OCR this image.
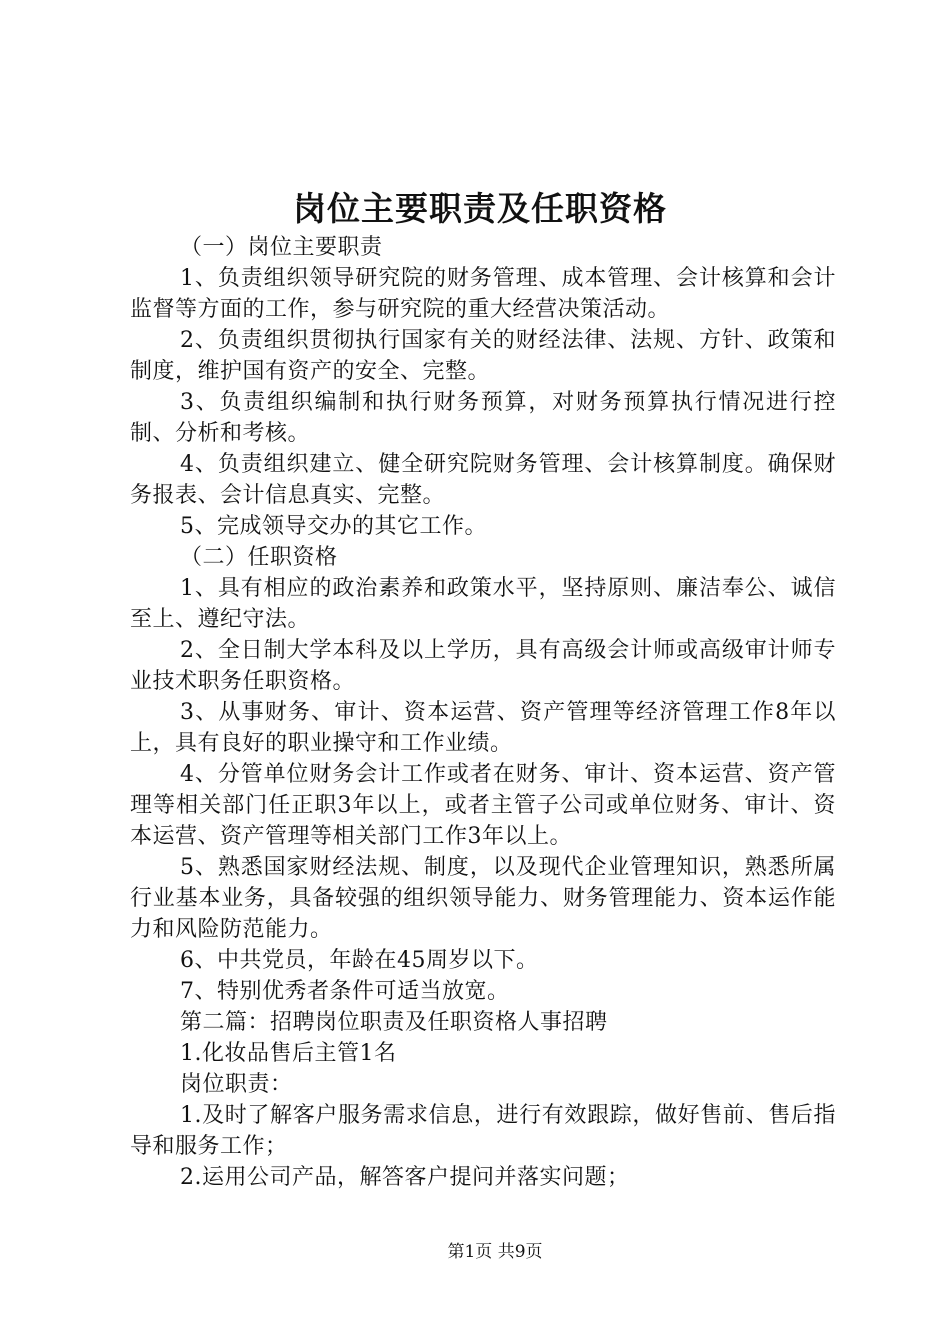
岗位主要职责及任职资格

（一）岗位主要职责

1、负责组织领导研究院的财务管理、成本管理、会计核算和会计监督等方面的工作，参与研究院的重大经营决策活动。

2、负责组织贯彻执行国家有关的财经法律、法规、方针、政策和制度，维护国有资产的安全、完整。

3、负责组织编制和执行财务预算，对财务预算执行情况进行控制、分析和考核。

4、负责组织建立、健全研究院财务管理、会计核算制度。确保财务报表、会计信息真实、完整。

5、完成领导交办的其它工作。

（二）任职资格

1、具有相应的政治素养和政策水平，坚持原则、廉洁奉公、诚信至上、遵纪守法。

2、全日制大学本科及以上学历，具有高级会计师或高级审计师专业技术职务任职资格。

3、从事财务、审计、资本运营、资产管理等经济管理工作8年以上，具有良好的职业操守和工作业绩。

4、分管单位财务会计工作或者在财务、审计、资本运营、资产管理等相关部门任正职3年以上，或者主管子公司或单位财务、审计、资本运营、资产管理等相关部门工作3年以上。

5、熟悉国家财经法规、制度，以及现代企业管理知识，熟悉所属行业基本业务，具备较强的组织领导能力、财务管理能力、资本运作能力和风险防范能力。

6、中共党员，年龄在45周岁以下。

7、特别优秀者条件可适当放宽。

第二篇：招聘岗位职责及任职资格人事招聘

1.化妆品售后主管1名

岗位职责：

1.及时了解客户服务需求信息，进行有效跟踪，做好售前、售后指导和服务工作；

2.运用公司产品，解答客户提问并落实问题；

第1页 共9页
